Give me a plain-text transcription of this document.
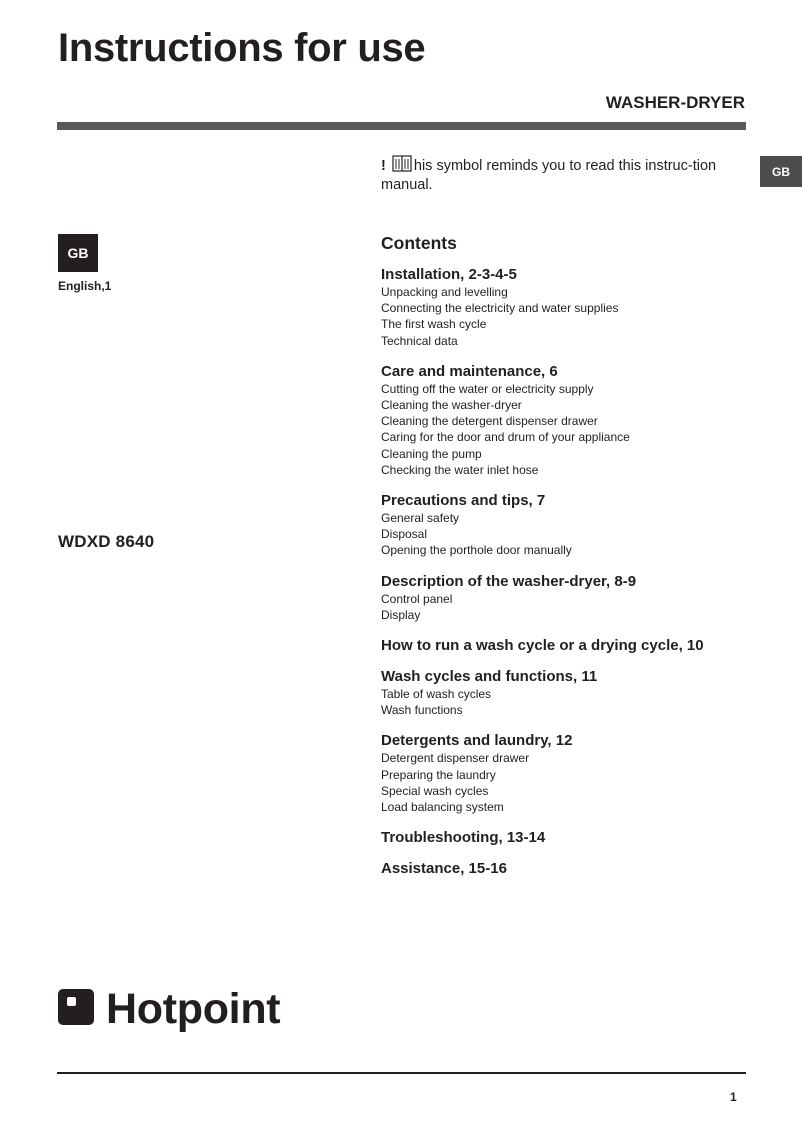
Instructions for use
WASHER-DRYER
GB
! his symbol reminds you to read this instruc-tion manual.
GB
English,1
WDXD 8640
Contents
Installation, 2-3-4-5
Unpacking and levelling
Connecting the electricity and water supplies
The first wash cycle
Technical data
Care and maintenance, 6
Cutting off the water or electricity supply
Cleaning the washer-dryer
Cleaning the detergent dispenser drawer
Caring for the door and drum of your appliance
Cleaning the pump
Checking the water inlet hose
Precautions and tips, 7
General safety
Disposal
Opening the porthole door manually
Description of the washer-dryer, 8-9
Control panel
Display
How to run a wash cycle or a drying cycle, 10
Wash cycles and functions, 11
Table of wash cycles
Wash functions
Detergents and laundry, 12
Detergent dispenser drawer
Preparing the laundry
Special wash cycles
Load balancing system
Troubleshooting, 13-14
Assistance, 15-16
Hotpoint
1
